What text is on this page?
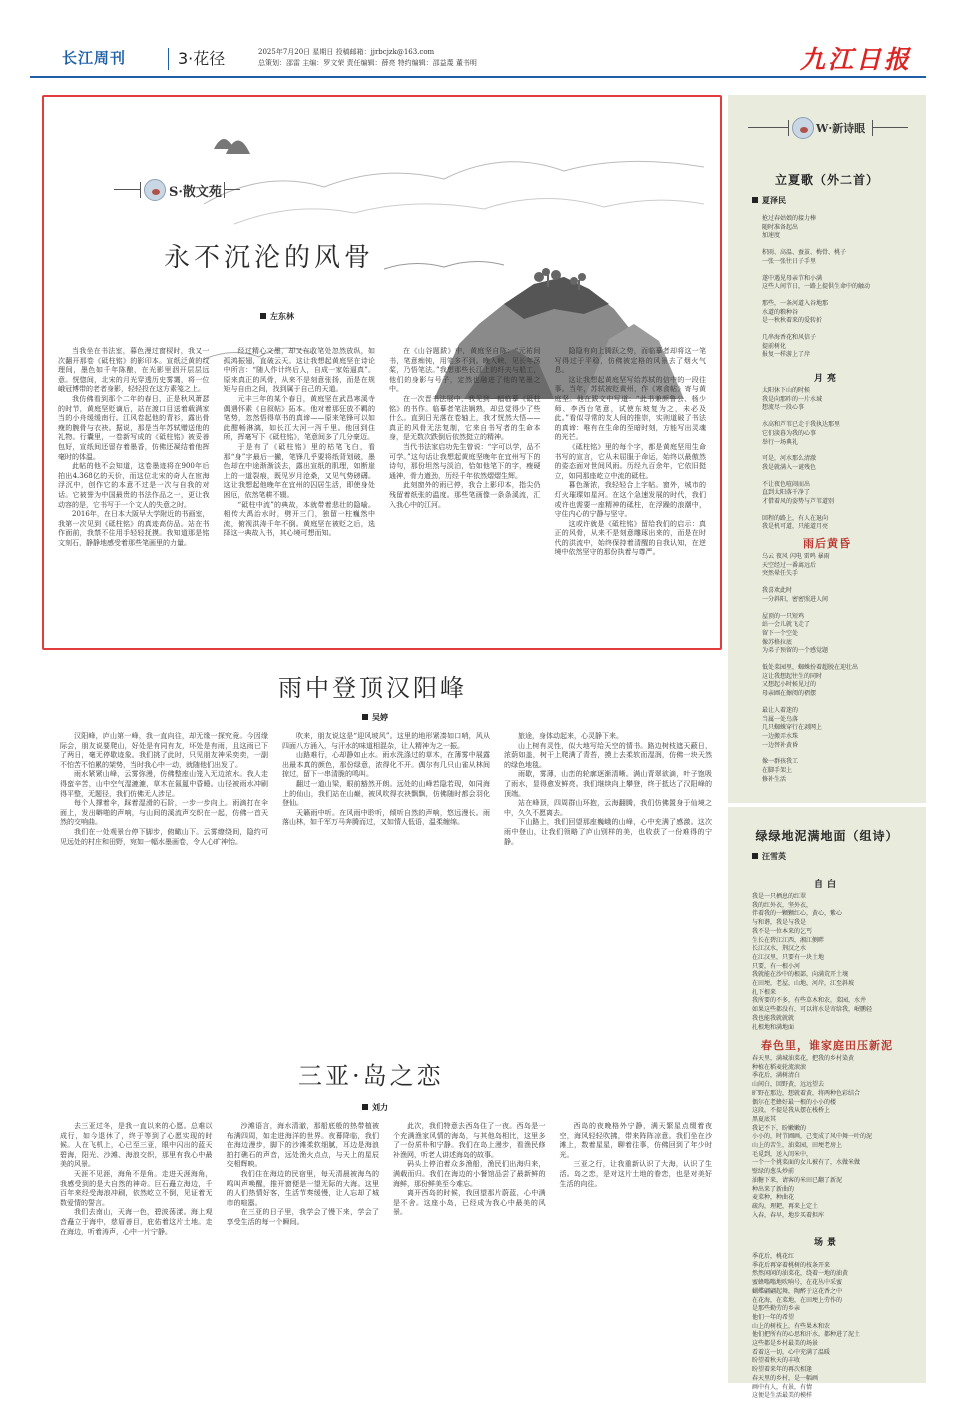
长江周刊	3·花径	2025年7月20日 星期日 投稿邮箱：jjrbcjzk@163.com
总策划：邵雷 主编：罗文荣 责任编辑：薛亮 特约编辑：邵益蔑 董书明	九江日报
S·散文苑
永不沉沦的风骨
左东林

当我坐在书法室，暮色漫过窗棂时，我又一次翻开那卷《砥柱铭》的影印本。宣纸泛黄的纹理间，墨色如千年陈酿，在光影里洇开层层远意。恍惚间，北宋的月光穿透历史雾霭，将一位峨冠博带的老者身影，轻轻投在这方素笺之上。

我仿佛看到那个二年的春日，正是秋风萧瑟的时节，黄庭坚贬谪后，站在渡口目送着载满家当的小舟缓缓南行。江风卷起他的青衫，露出骨瘦的腕骨与衣袂。据说，那是当年苏轼赠送他的礼物。行囊里，一卷新写成的《砥柱铭》被妥善包好，宣纸间还留存着墨香，仿佛还凝结着他挥毫时的体温。

此帖的他不会知道，这卷墨迹将在900年后拍出4.368亿的天价，而这位北宋的奇人在宦海浮沉中，创作它的本意不过是一次与自我的对话。它被誉为中国最贵的书法作品之一，更让我动容的是，它书写于一个文人的失意之时。

2016年，在日本大阪早大学附近的书画室，我第一次见到《砥柱铭》的真迹高仿品。站在书作面前，我禁不住用手轻轻抚摸。我知道那是铭文刻石，静静地感受着那些笔画里的力量。

经过精心文墨，却又在收笔处忽然放纵，如孤鸿振翅，直破云天。这让我想起黄庭坚在诗论中所言：“随人作计终后人，自成一家始逼真”。原来真正的风骨，从来不是刻意张扬，而是在规矩与自由之间，找到属于自己的天道。

元丰三年的某个春日，黄庭坚在武昌寒溪寺偶遇怀素《自叙帖》拓本。他对着那狂放不羁的笔势，忽然悟得草书的真谛——原来笔锋可以如此酣畅淋漓，如长江大河一泻千里。他回到住所，挥毫写下《砥柱铭》，笔意间多了几分豪迈。

于是有了《砥柱铭》里的枯笔飞白，看那“身”字最后一撇，笔锋几乎要将纸背划破，墨色却在中途渐渐淡去，露出宣纸的肌理，如断崖上的一道裂痕，既见岁月沧桑，又见气势磅礴。这让我想起他晚年在宜州的囚居生活，即使身处困厄，依然笔耕不辍。

“砥柱中流”的典故，本就带着悲壮的隐喻。相传大禹治水时，劈开三门，独留一柱巍然中流，俯视洪涛千年不倒。黄庭坚在被贬之后，选择这一典故入书，其心境可想而知。

在《山谷题跋》中，黄庭坚自陈：“元祐间书，笔意痴钝，用笔多不到。晚入峡，见长年荡桨，乃悟笔法。”我想那些长江上的纤夫与船工，他们的身影与号子，定然也融进了他的笔墨之中。

在一次晋书法展中，我见到一幅临摹《砥柱铭》的书作。临摹者笔法娴熟，却总觉得少了些什么。直到日光落在卷轴上，我才恍然大悟——真正的风骨无法复制，它来自书写者的生命本身，是无数次跌倒后依然挺立的精神。

当代书法家启功先生曾说：“字可以学，品不可学。”这句话让我想起黄庭坚晚年在宜州写下的诗句，那份坦然与淡泊，恰如他笔下的字，瘦硬通神，骨力遒劲，历经千年依然熠熠生辉。

此刻窗外的雨已停，我合上影印本，指尖仍残留着纸张的温度。那些笔画像一条条溪流，汇入我心中的江河。

隐隐有向上腾跃之势，而临摹者却将这一笔写得过于平稳，仿佛被定格的风景去了烟火气息。

这让我想起黄庭坚写给苏轼的信中的一段往事。当年，苏轼被贬黄州，作《寒食帖》寄与黄庭坚。他在跋文中写道：“此书兼颜鲁公、杨少师、李西台笔意，试使东坡复为之，未必及此。”看似寻常的友人间的推崇，实则道破了书法的真谛：唯有在生命的至暗时刻，方能写出灵魂的光芒。

《砥柱铭》里的每个字，都是黄庭坚用生命书写的宣言，它从未屈服于命运，始终以最傲然的姿态面对世间风雨。历经九百余年，它依旧挺立，如同那座屹立中流的砥柱。

暮色渐浓，我轻轻合上字帖。窗外，城市的灯火璀璨如星河。在这个急速发展的时代，我们或许也需要一座精神的砥柱，在浮躁的浪潮中，守住内心的宁静与坚守。

这或许就是《砥柱铭》留给我们的启示：真正的风骨，从来不是刻意雕琢出来的，而是在时代的洪流中，始终保持着清醒的自我认知，在逆境中依然坚守的那份执着与尊严。

雨中登顶汉阳峰
吴婷

汉阳峰，庐山第一峰，我一直向往，却无缘一探究竟。今因缘际会，朋友说要爬山，好处是有同有友，坏处是有雨，且这雨已下了两日，毫无停歇迹象。我们挑了此时，只见朋友神采奕奕，一副不怕苦不怕累的架势，当时我心中一动，就随他们出发了。

雨水紧紧山峰，云雾弥漫，仿佛整座山笼入无边浓水。我人走得蛮辛苦，山中空气湿漉漉，草木在氤氲中昏睡。山径被雨水冲刷得平整，无题径，我们仿佛无人涉足。

每个人撑着伞，踩着湿滑的石阶，一步一步向上。雨滴打在伞面上，发出噼啪的声响，与山间的溪流声交织在一起，仿佛一首天然的交响曲。

我们在一处观景台停下脚步，俯瞰山下。云雾缭绕间，隐约可见远处的村庄和田野，宛如一幅水墨画卷，令人心旷神怡。

吹来，朋友说这是“迎风坡风”。这里的地形紧凑如口哨，风从四面八方涌入，与汗水的味道相混杂，让人精神为之一振。

山路难行，心却静如止水。雨水洗涤过的草木，在薄雾中展露出最本真的颜色，那份绿意，浓得化不开。偶尔有几只山雀从林间掠过，留下一串清脆的鸣叫。

翻过一道山梁，眼前豁然开朗。远处的山峰若隐若现，如同海上的仙山，我们站在山巅，被风吹得衣袂飘飘，仿佛随时都会羽化登仙。

天籁雨中听。在风雨中聆听，倾听自然的声响，悠远漫长。雨落山林，如千军万马奔腾而过，又如情人低语，温柔缠绵。

旅途，身体动起来，心灵静下来。

山上树有灵性，似大地写给天空的情书。路边树枝遮天蔽日，浓荫如盖，树干上爬满了青苔，摸上去柔软而湿润，仿佛一块天然的绿色地毯。

雨歇，雾薄，山峦的轮廓逐渐清晰。满山青翠欲滴，叶子饱吸了雨水，显得愈发鲜亮。我们继续向上攀登，终于抵达了汉阳峰的顶端。

站在峰顶，四周群山环抱，云海翻腾，我们仿佛置身于仙境之中，久久不愿离去。

下山路上，我们回望那座巍峨的山峰，心中充满了感激。这次雨中登山，让我们领略了庐山别样的美，也收获了一份难得的宁静。

三亚·岛之恋
刘力

去三亚过冬，是我一直以来的心愿。总难以成行，如今退休了，终于等到了心愿实现的时候。人在飞机上，心已至三亚，眼中闪出的蓝天碧海，阳光、沙滩、海浪交织，那里有我心中最美的风景。

天涯不见涯，海角不是角。走进天涯海角，我感受到的是大自然的神奇。巨石矗立海边，千百年来经受海浪冲刷，依然屹立不倒，见证着无数爱情的誓言。

我们去南山，天海一色，碧波荡漾。海上观音矗立于海中，慈眉善目，庇佑着这片土地。走在海边，听着涛声，心中一片宁静。

沙滩语言，海水清澈，那船底般的热带植被布满四周，如走进海洋的世界。夜幕降临，我们在海边漫步，脚下的沙滩柔软细腻，耳边是海浪拍打礁石的声音，远处渔火点点，与天上的星辰交相辉映。

我们住在海边的民宿里，每天清晨被海鸟的鸣叫声唤醒，推开窗便是一望无际的大海。这里的人们热情好客，生活节奏缓慢，让人忘却了城市的喧嚣。

在三亚的日子里，我学会了慢下来，学会了享受生活的每一个瞬间。

此次，我们特意去西岛住了一夜。西岛是一个充满渔家风情的海岛，与其他岛相比，这里多了一份质朴和宁静。我们在岛上漫步，看渔民修补渔网，听老人讲述海岛的故事。

码头上停泊着众多渔船，渔民们出海归来，满载而归。我们在海边的小餐馆品尝了最新鲜的海鲜，那份鲜美至今难忘。

离开西岛的时候，我回望那片蔚蓝，心中满是不舍。这座小岛，已经成为我心中最美的风景。

西岛的夜晚格外宁静，满天繁星点缀着夜空，海风轻轻吹拂，带来阵阵凉意。我们坐在沙滩上，数着星星，聊着往事，仿佛回到了年少时光。

三亚之行，让我重新认识了大海，认识了生活。岛之恋，是对这片土地的眷恋，也是对美好生活的向往。

W·新诗眼
立夏歌（外二首）
夏泽民
抢过春姑娘的接力棒
随时准备起出
加速度
积雨、高温、蚕茧、梅骨、桃子
一张一张往日子手里
遂中遇见母亲节和小满
这些人间节日，一路上提供生命中的触动
那些，一条河道入谷地那
水道的粮种谷
是一秋秋着来的爱转折
几串海香花和风信子
提前树化
报复一样游上了岸
月亮
太阳休下山的时候
我是向那昨的一片水域
想流尽一段心事
水高和芦苇已走于我执达那里
它们淡暮为我的心事
举行一场典礼
可是，河水那么清澈
我是就满入一谜残色
不让夜色喧闹而出
直到太阳落千净了
才借着风的姿势与芦苇道别
回程的路上，有人在退向
我是机可道，只能道月亮
雨后黄昏
乌云 夜风 闪电 雷鸣 暴雨
天空经过一番离远后
突然晕任失手
我喜欢此时
一分斜阳，密密照进人间
屋顶的一只短鸡
站一会儿就飞走了
留下一个空处
像苏格拉底
为弟子预留的一个感觉题
低处菜园里，蜘蛛扮着超脱在迎壮出
这让我想起往生的同时
又想起小时候见过的
母亲圃在擦阅的褶摆
最让人着迷的
当属一处鸟落
几只蜘蛛穿行在剥网上
一边搬弄水珠
一边替补黄昏
像一群孩我工
在脚手架上
修补生活
绿绿地泥满地面（组诗）
汪雪英
自白
我是一只栖息的红翠
我的红外衣，坚外衣，
伴着我的一颗颗红心，黄心，紫心
与和谐，我是与我是
我不是一位本来的乞丐
生长在碧江江西，湘江侧畔
长江汉水，荆汉之水
在江汉里，只要有一块土地
只要，有一根小河
我就能在沙中的根部，向满荒开土壤
在田埂，老屋，山地，河岸，江至斜坡
扎下根来
我所要的不多，有些草木和农，菜园，水井
如果这些都没有，可以将水是寄给我，岷鹏轻
我也能我就就就
扎根地和满地面
春色里，谁家庭田压新泥
春天里，满城油菜花，把我的乡村染黄
种植在稻麦轮流滚滚
季花后，满树清白
山间白，回野黄，远远望去
旷野在那边，想就着黄，将两种色彩结合
偶尔在老蜂好最一根的小小的楼
这段，不提是我从摆在栈桥上
黑夏底其
我记不下，盼嫩嫩的
小小的，时节圃画，己变成了风中舞一叶的泥
山上的苦生，油菜园，田埂老房上
毛觅到，送入闺米中，
一个一个挑菜面的女儿被有了，水做米做
壁绿的葱头炒前
油糖下来，请客的米田已翻了新泥
种出来了新曲的
麦菜种，种曲花
疏沟，理耙，再来上定土
入春，春早，地步买着担库
场景
季花后，桃花红
季花后再穿着桃树的枝条开来
然然闲闲的油菜花，绕着一地的油黄
蜜蜂嗡嗡地吹响号，在花丛中采蜜
蝴蝶翩翩起舞，陶醉于这花香之中
在花海，在菜地，在田埂上劳作的
是那些勤劳的乡亲
他们一年的希望
山上的树枝上，有些果木和农
他们把所有的心思和汗水，都种进了泥土
这些都是乡村最美的场景
看着这一切，心中充满了温暖
盼望着秋天的丰收
盼望着来年的再次相逢
春天里的乡村，是一幅画
画中有人，有景，有情
这便是生活最美的模样
